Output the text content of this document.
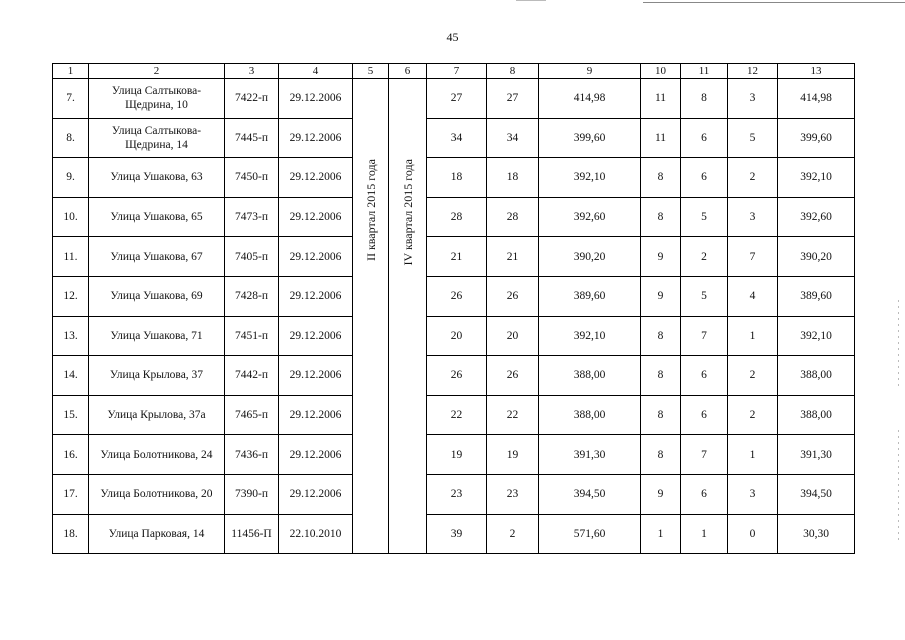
45
1	2	3	4	5	6	7	8	9	10	11	12	13
7.	Улица Салтыкова-Щедрина, 10	7422-п	29.12.2006	II квартал 2015 года	IV квартал 2015 года	27	27	414,98	11	8	3	414,98
8.	Улица Салтыкова-Щедрина, 14	7445-п	29.12.2006			34	34	399,60	11	6	5	399,60
9.	Улица Ушакова, 63	7450-п	29.12.2006			18	18	392,10	8	6	2	392,10
10.	Улица Ушакова, 65	7473-п	29.12.2006			28	28	392,60	8	5	3	392,60
11.	Улица Ушакова, 67	7405-п	29.12.2006			21	21	390,20	9	2	7	390,20
12.	Улица Ушакова, 69	7428-п	29.12.2006			26	26	389,60	9	5	4	389,60
13.	Улица Ушакова, 71	7451-п	29.12.2006			20	20	392,10	8	7	1	392,10
14.	Улица Крылова, 37	7442-п	29.12.2006			26	26	388,00	8	6	2	388,00
15.	Улица Крылова, 37а	7465-п	29.12.2006			22	22	388,00	8	6	2	388,00
16.	Улица Болотникова, 24	7436-п	29.12.2006			19	19	391,30	8	7	1	391,30
17.	Улица Болотникова, 20	7390-п	29.12.2006			23	23	394,50	9	6	3	394,50
18.	Улица Парковая, 14	11456-П	22.10.2010			39	2	571,60	1	1	0	30,30
